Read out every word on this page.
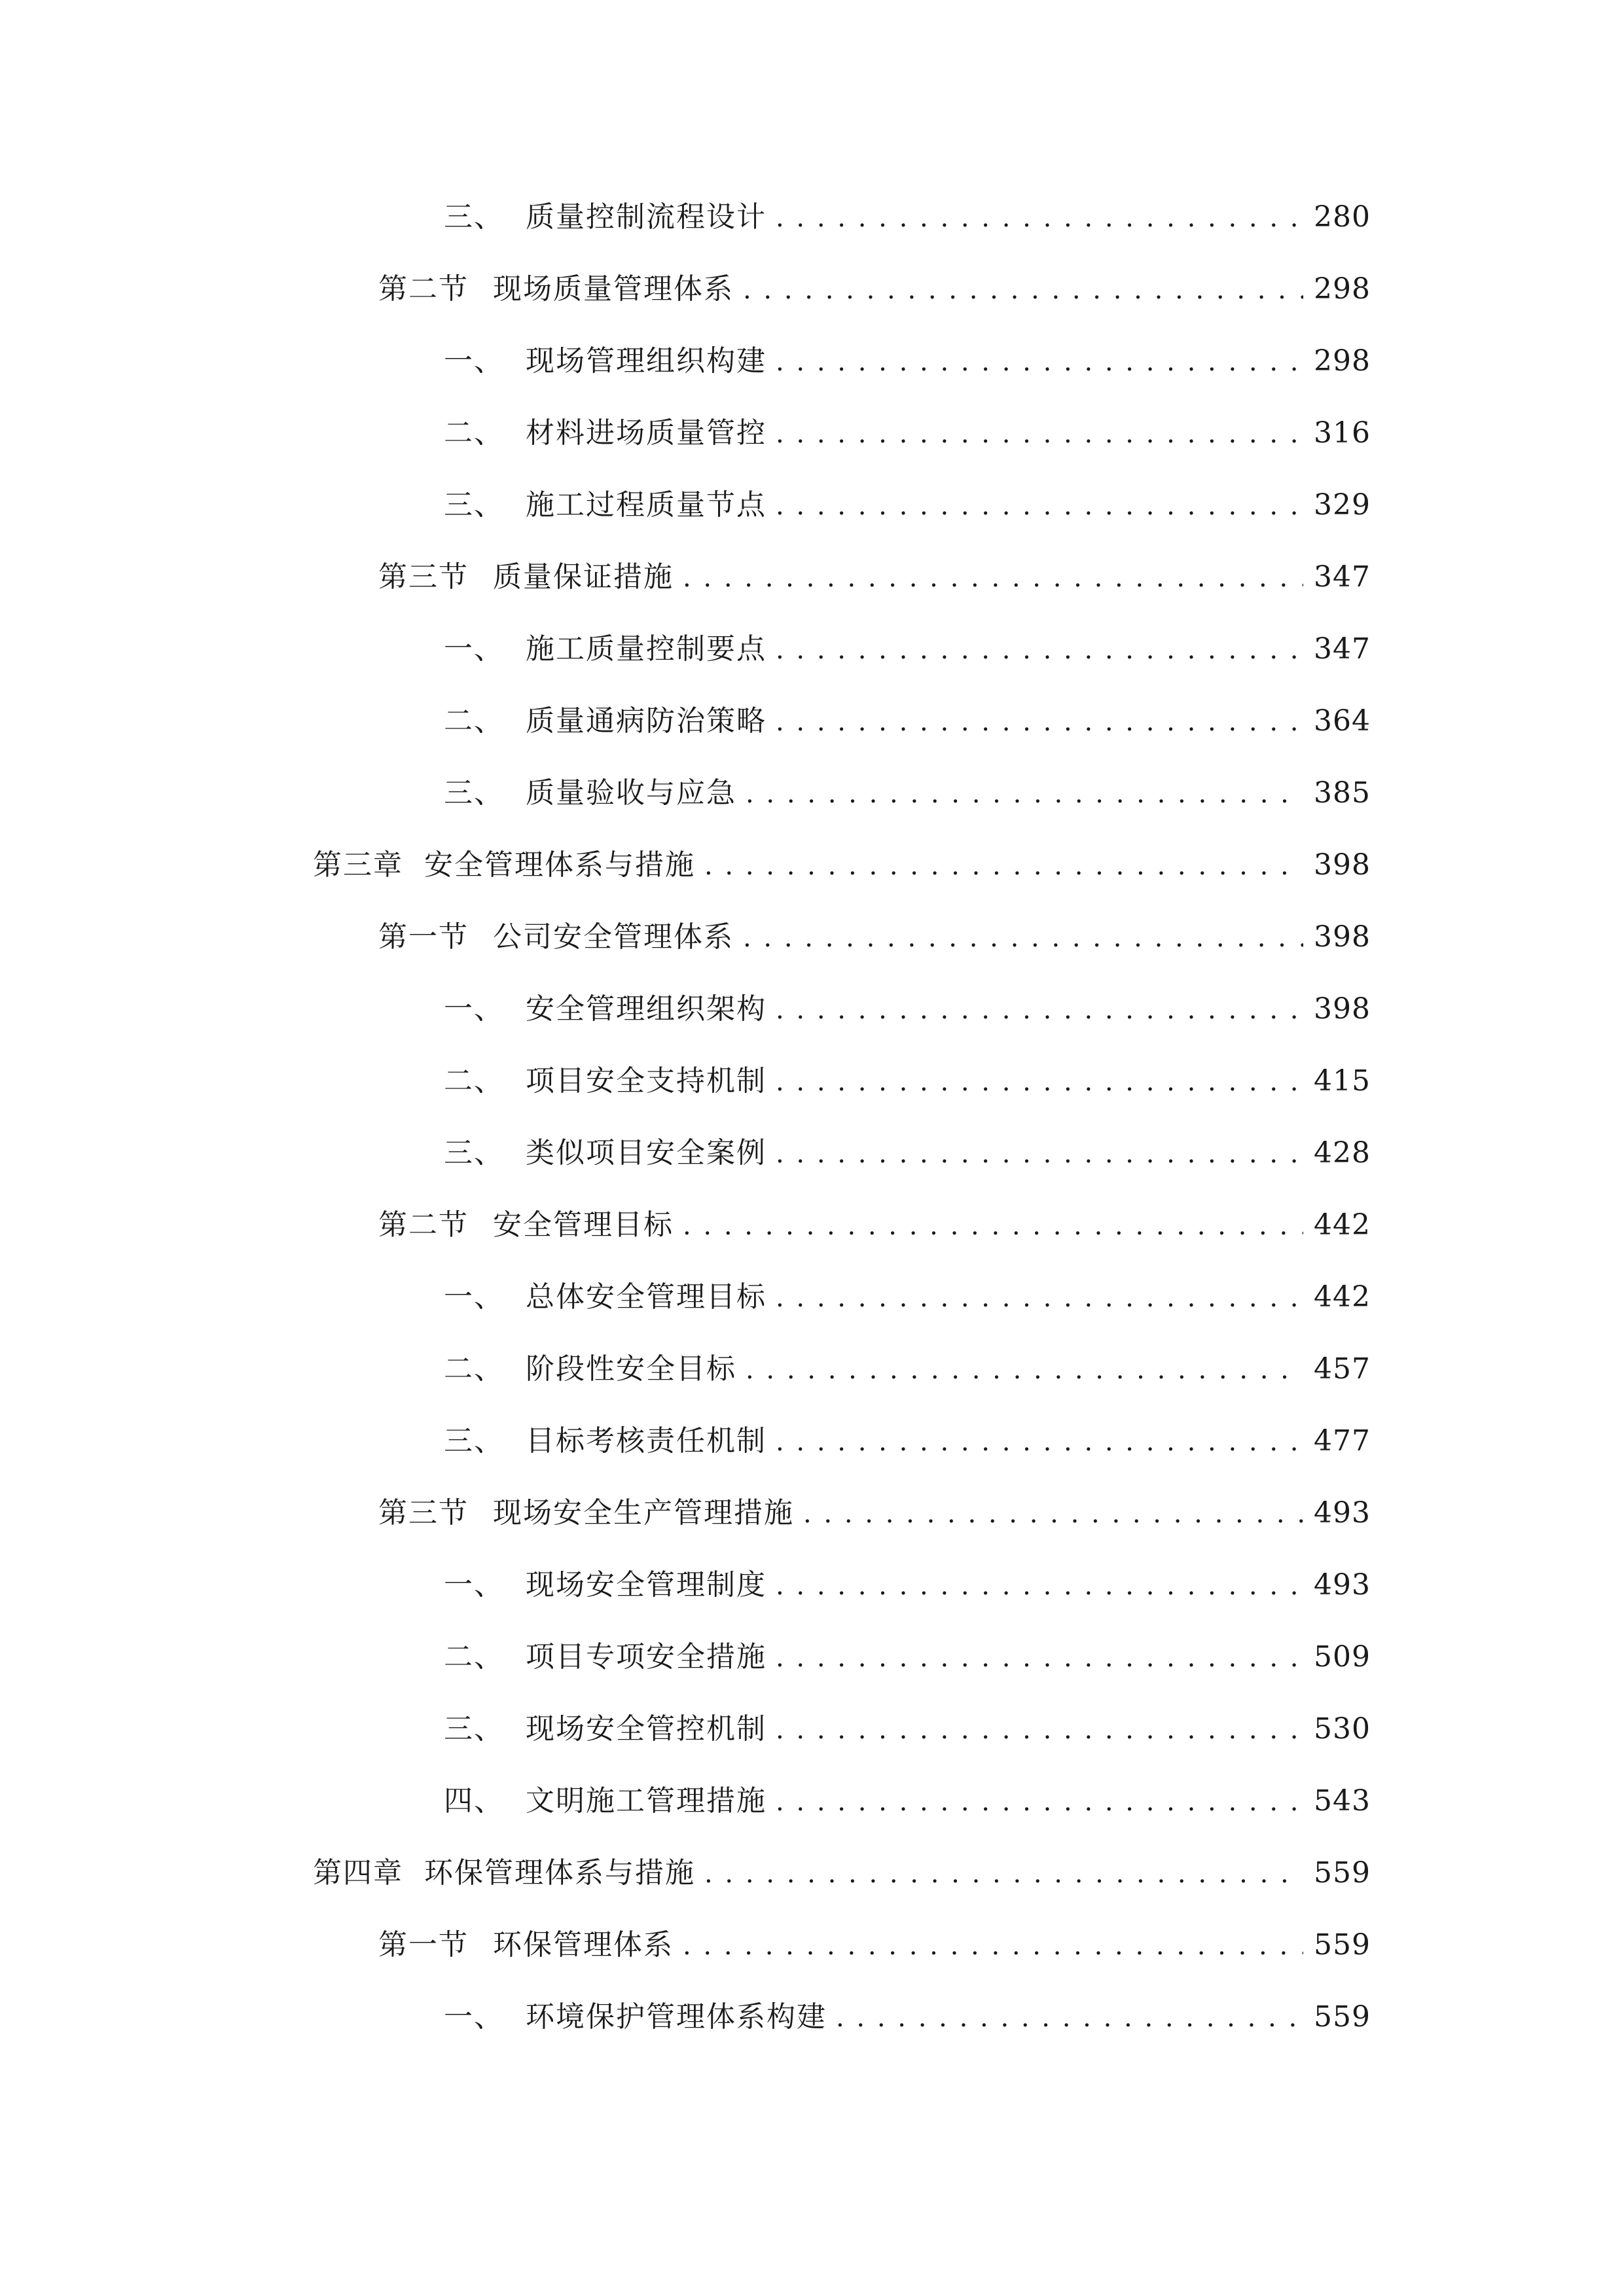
三、 质量控制流程设计 . . .	280
第二节 现场质量管理体系 . . .	298
一、 现场管理组织构建 . . .	298
二、 材料进场质量管控 . . .	316
三、 施工过程质量节点 . . .	329
第三节 质量保证措施 . . .	347
一、 施工质量控制要点 . . .	347
二、 质量通病防治策略 . . .	364
三、 质量验收与应急 . . .	385
第三章 安全管理体系与措施 . . .	398
第一节 公司安全管理体系 . . .	398
一、 安全管理组织架构 . . .	398
二、 项目安全支持机制 . . .	415
三、 类似项目安全案例 . . .	428
第二节 安全管理目标 . . .	442
一、 总体安全管理目标 . . .	442
二、 阶段性安全目标 . . .	457
三、 目标考核责任机制 . . .	477
第三节 现场安全生产管理措施 . . .	493
一、 现场安全管理制度 . . .	493
二、 项目专项安全措施 . . .	509
三、 现场安全管控机制 . . .	530
四、 文明施工管理措施 . . .	543
第四章 环保管理体系与措施 . . .	559
第一节 环保管理体系 . . .	559
一、 环境保护管理体系构建 . . .	559
